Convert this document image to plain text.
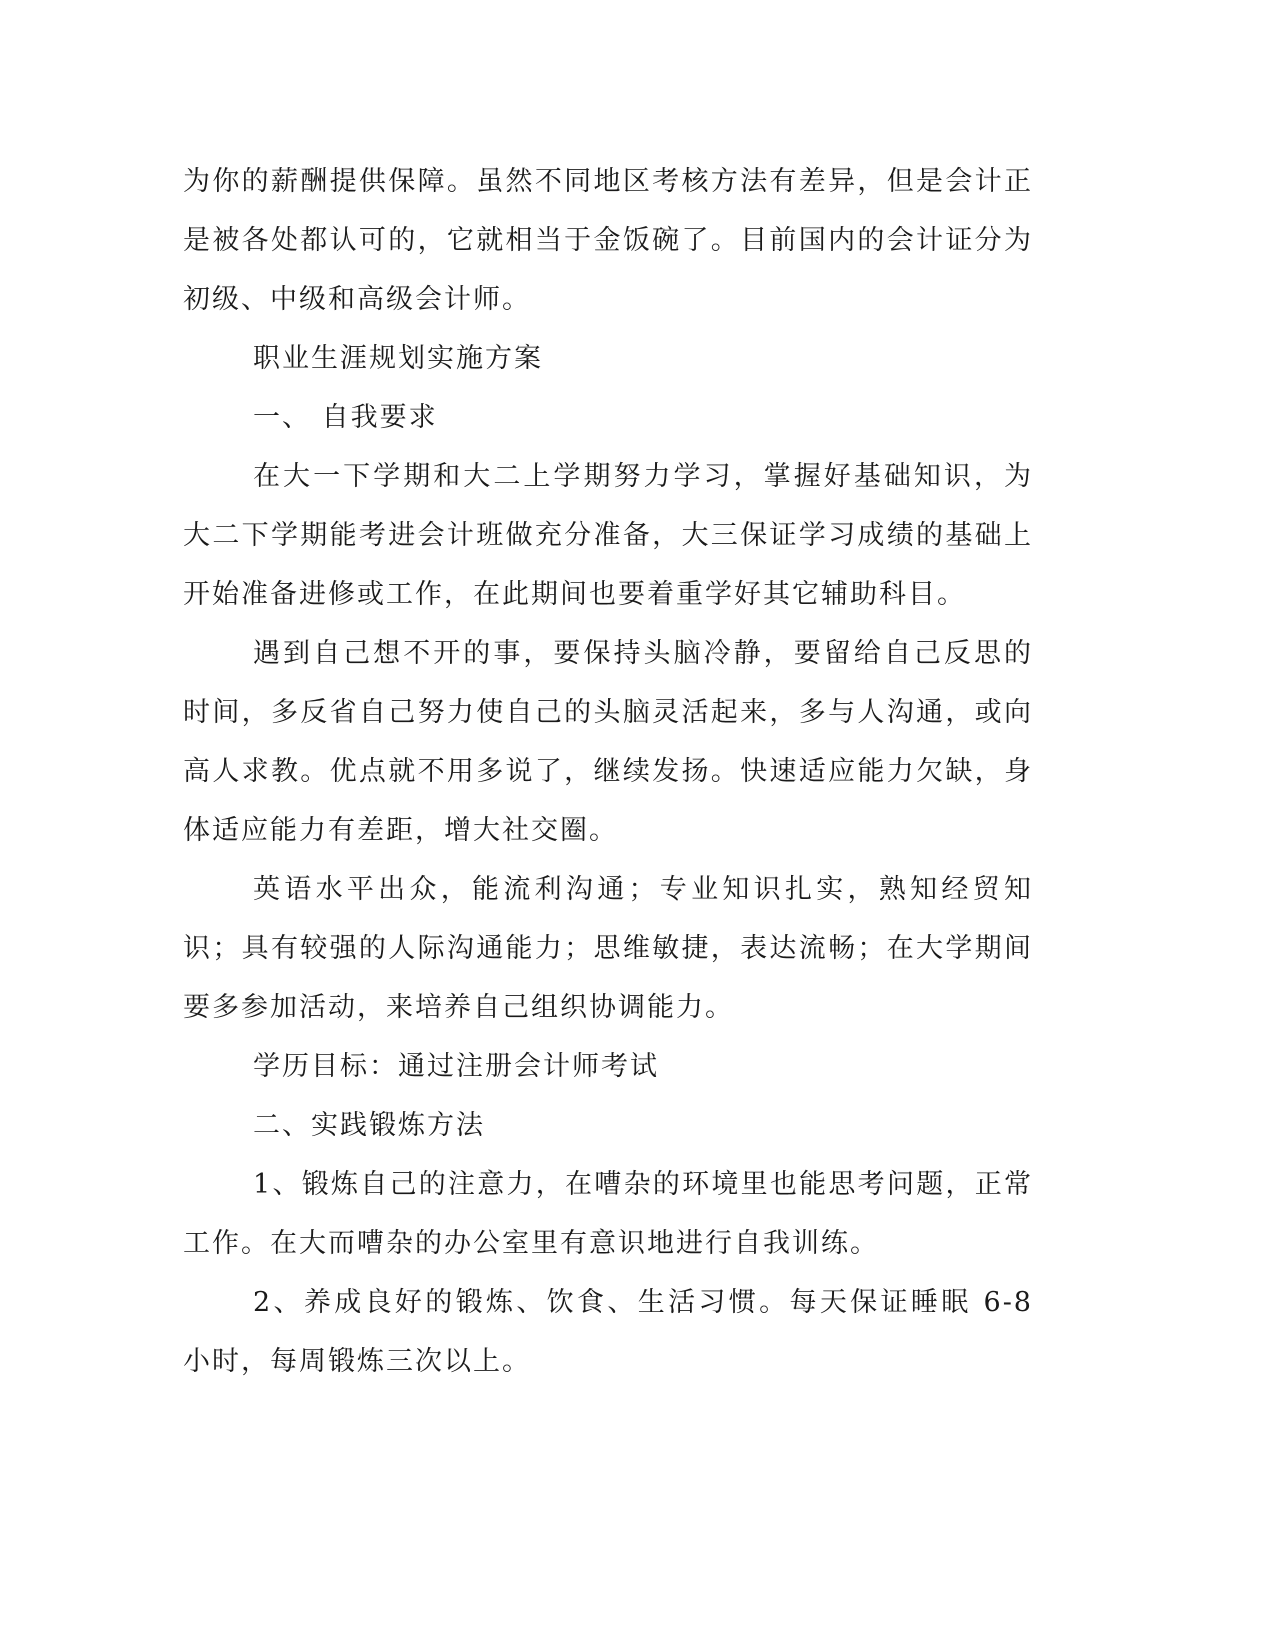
为你的薪酬提供保障。虽然不同地区考核方法有差异，但是会计正是被各处都认可的，它就相当于金饭碗了。目前国内的会计证分为初级、中级和高级会计师。

职业生涯规划实施方案

一、 自我要求

在大一下学期和大二上学期努力学习，掌握好基础知识，为大二下学期能考进会计班做充分准备，大三保证学习成绩的基础上开始准备进修或工作，在此期间也要着重学好其它辅助科目。

遇到自己想不开的事，要保持头脑冷静，要留给自己反思的时间，多反省自己努力使自己的头脑灵活起来，多与人沟通，或向高人求教。优点就不用多说了，继续发扬。快速适应能力欠缺，身体适应能力有差距，增大社交圈。

英语水平出众，能流利沟通；专业知识扎实，熟知经贸知识；具有较强的人际沟通能力；思维敏捷，表达流畅；在大学期间要多参加活动，来培养自己组织协调能力。

学历目标：通过注册会计师考试

二、实践锻炼方法

1、锻炼自己的注意力，在嘈杂的环境里也能思考问题，正常工作。在大而嘈杂的办公室里有意识地进行自我训练。

2、养成良好的锻炼、饮食、生活习惯。每天保证睡眠 6-8 小时，每周锻炼三次以上。
